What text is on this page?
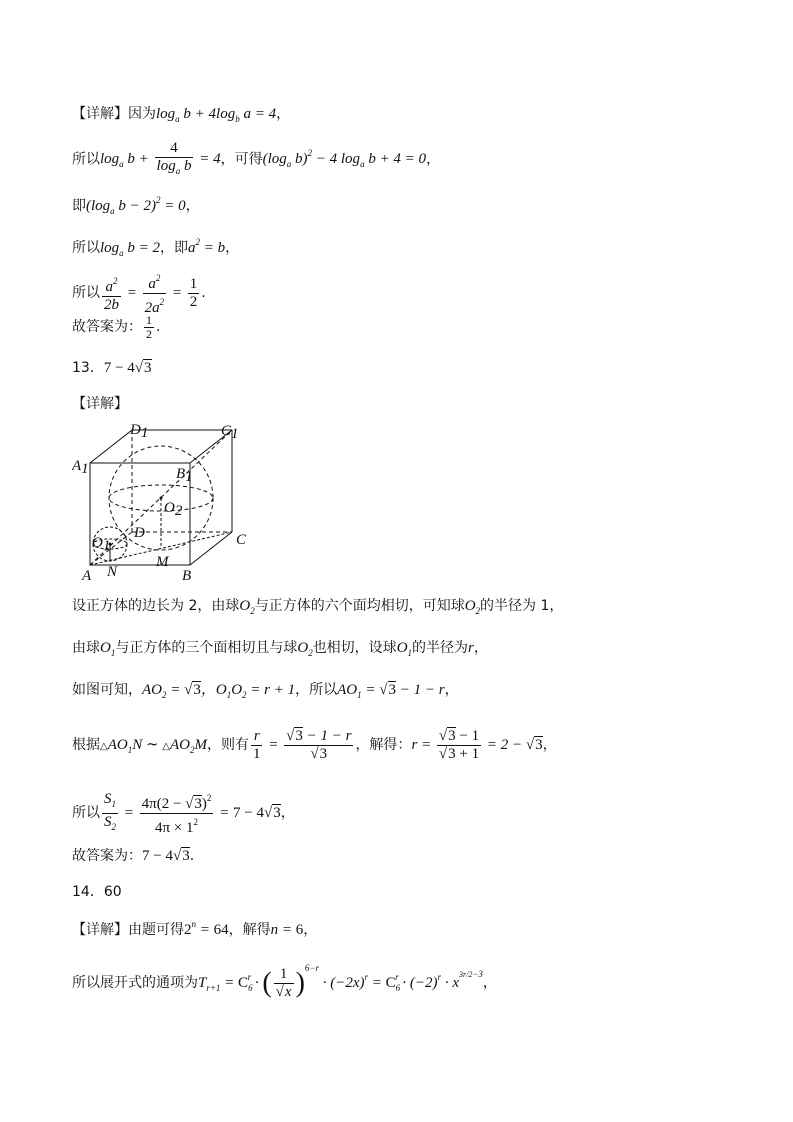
【详解】因为$\log_a b + 4\log_b$ a = 4，
所以$\log_a b + \frac{4}{\log_a b} = 4$，可得($\log_a$ b)$^2$ − 4 $\log_a b + 4 = 0$，
即($\log_a$ b − 2)$^2$ = 0，
所以$\log_a b = 2$，即$a^2 = b$，
所以 $\frac{a^2}{2b} = \frac{a^2}{2a^2} = \frac{1}{2}$ .
故答案为： $\frac{1}{2}$ .
13．7 − 4√3
【详解】
D1	C1
A1	B1
O2
O1
D	C
M
A N	B
设正方体的边长为 2，由球$O_2$与正方体的六个面均相切，可知球$O_2$的半径为 1，
由球$O_1$与正方体的三个面相切且与球$O_2$也相切，设球$O_1$的半径为r，
如图可知，$AO_2 = √3$，$O_1O_2 = r + 1$，所以$AO_1 = √3 - 1 - r$，
根据$\triangle AO_1N$ ∼ $\triangle AO_2M$，则有 $\frac{r}{1} = \frac{√3 - 1 - r}{√3}$ ，解得：$r = \frac{√3 - 1}{√3 + 1} = 2 - √3$，
所以 $\frac{S_1}{S_2} = \frac{4\pi(2 - √3)^2}{4\pi \times 1^2} = 7 - 4√3$，
故答案为：7 − 4√3.
14．60
【详解】由题可得$2^n = 64$，解得n = 6，
所以展开式的通项为$T_{r+1} = C_6^r$ · ( $\frac{1}{√x} )^{6-r} \cdot (-2x)^r = C_6^r \cdot (-2)^r \cdot x^{3r/2-3}$，
